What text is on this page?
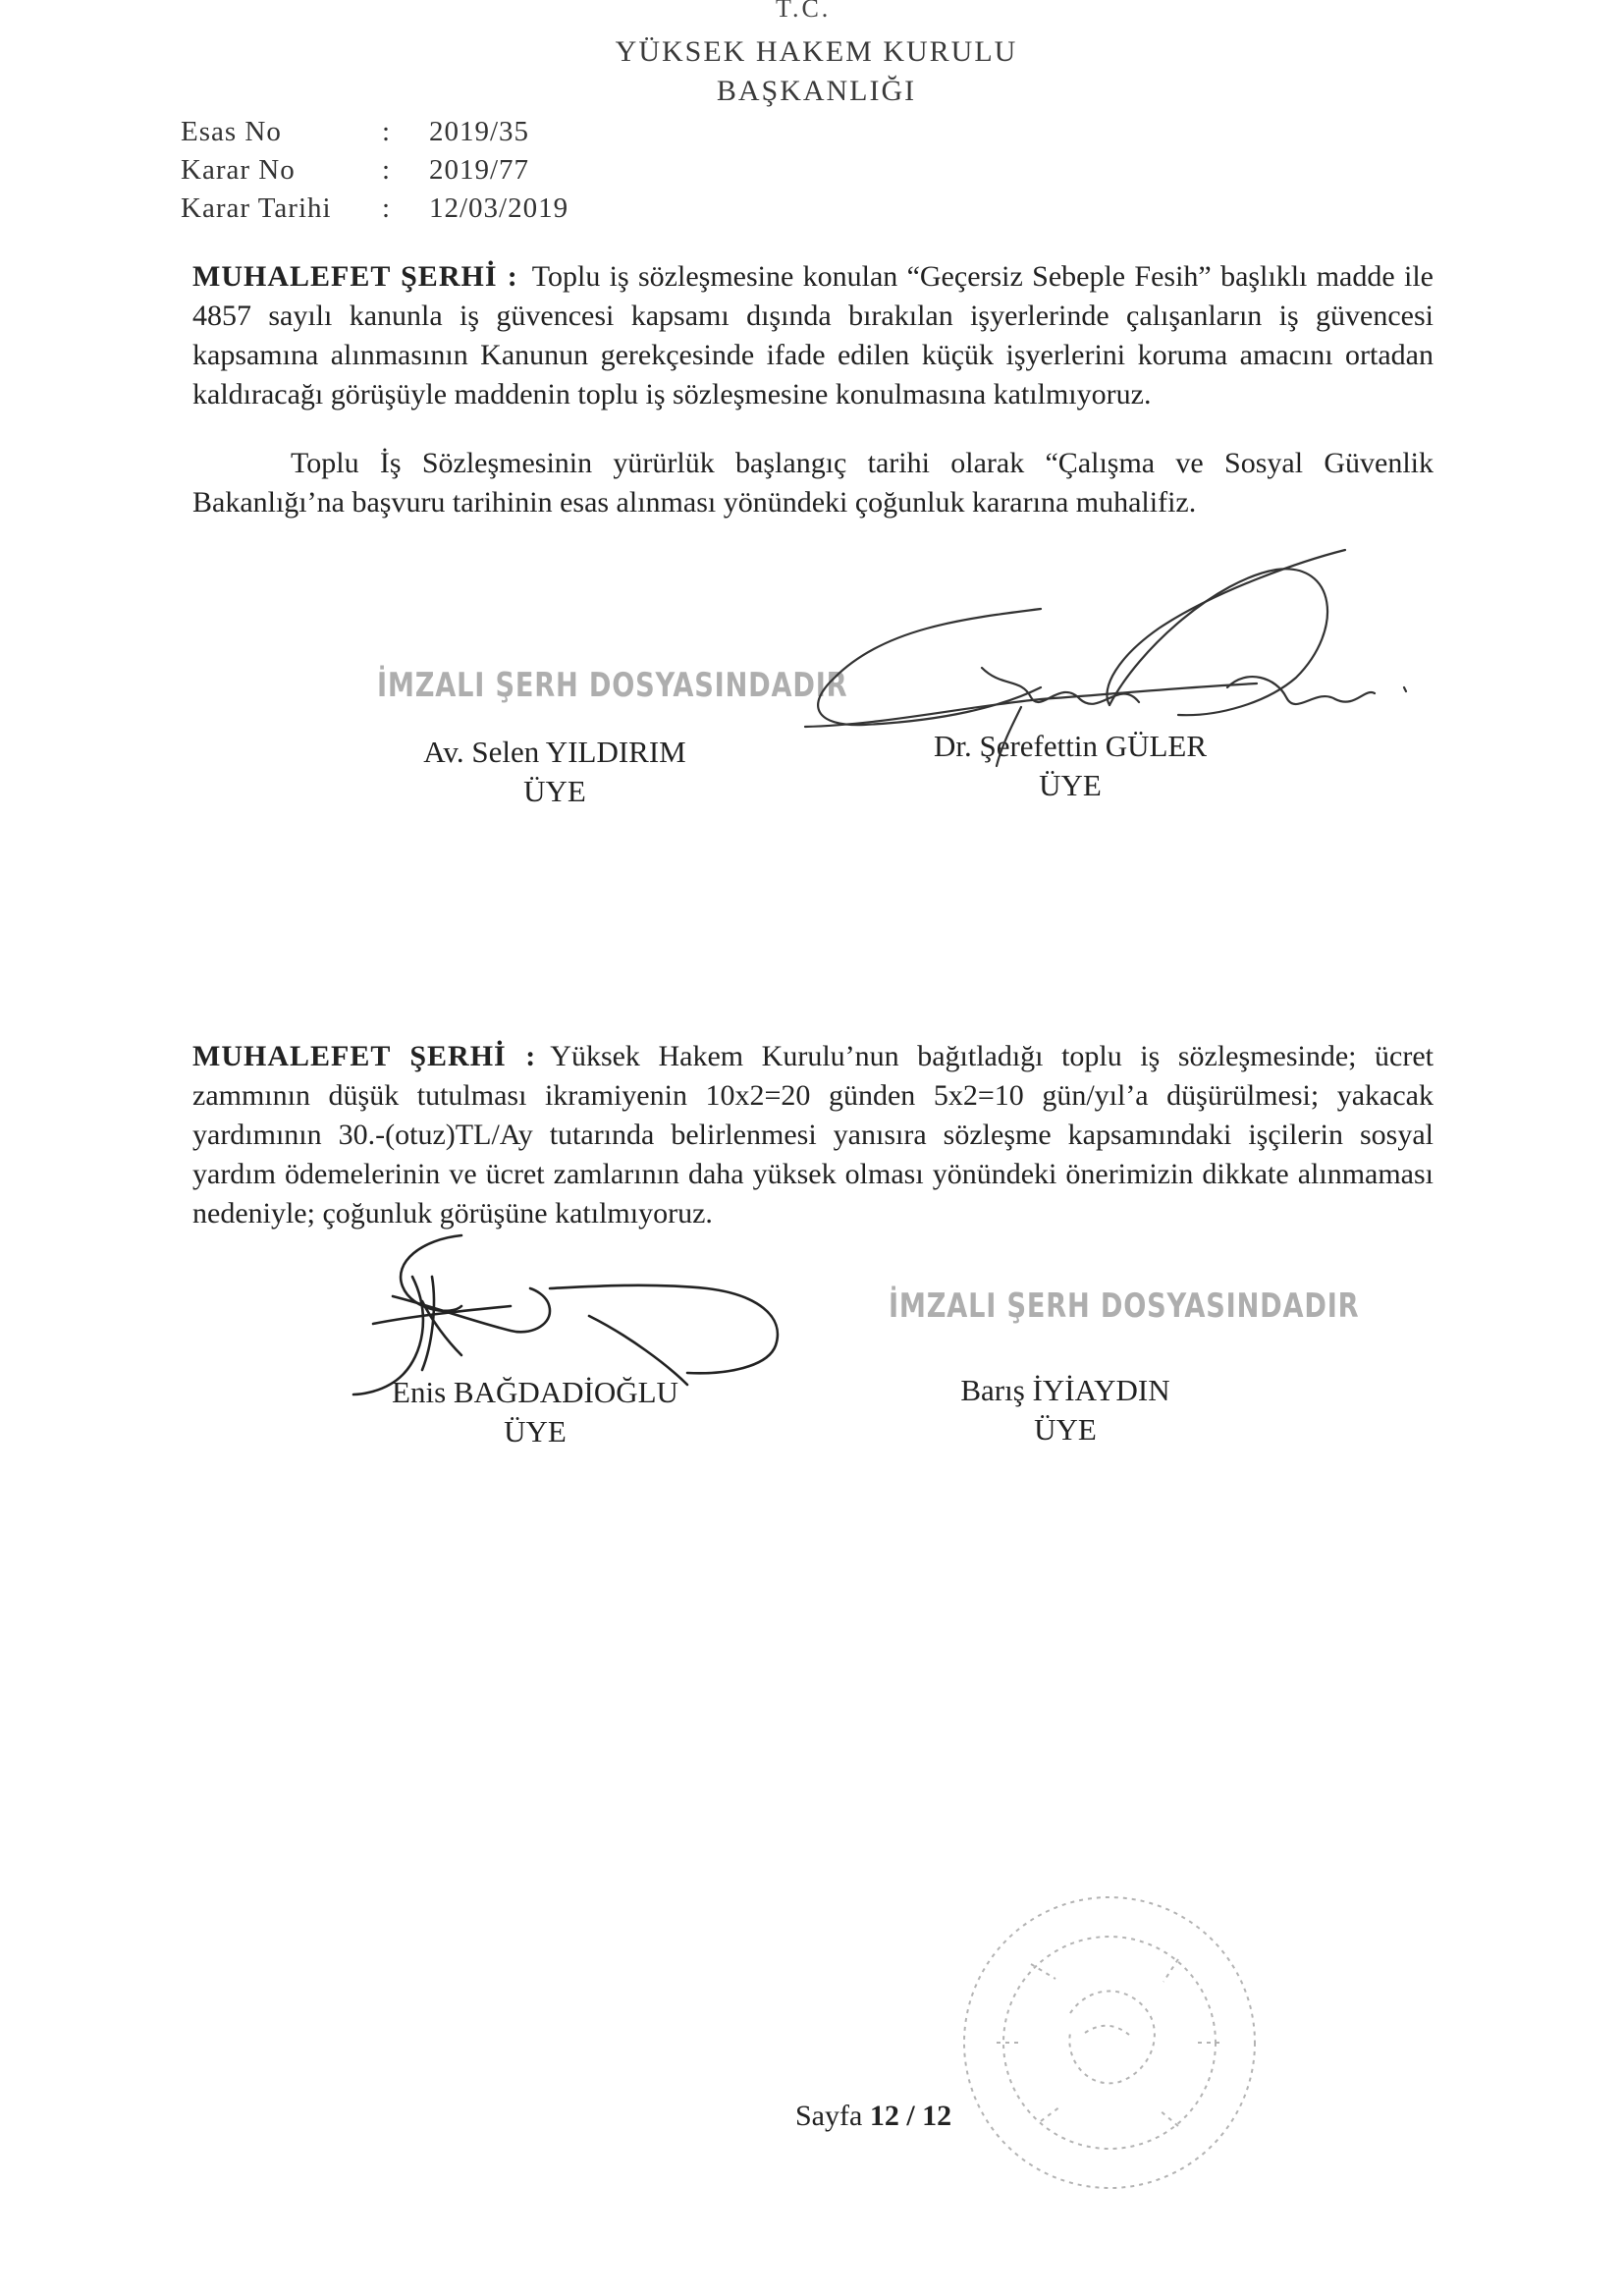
T.C.
YÜKSEK HAKEM KURULU
BAŞKANLIĞI
Esas No	: 2019/35
Karar No	: 2019/77
Karar Tarihi : 12/03/2019
MUHALEFET ŞERHİ : Toplu iş sözleşmesine konulan “Geçersiz Sebeple Fesih” başlıklı madde ile 4857 sayılı kanunla iş güvencesi kapsamı dışında bırakılan işyerlerinde çalışanların iş güvencesi kapsamına alınmasının Kanunun gerekçesinde ifade edilen küçük işyerlerini koruma amacını ortadan kaldıracağı görüşüyle maddenin toplu iş sözleşmesine konulmasına katılmıyoruz.
Toplu İş Sözleşmesinin yürürlük başlangıç tarihi olarak “Çalışma ve Sosyal Güvenlik Bakanlığı’na başvuru tarihinin esas alınması yönündeki çoğunluk kararına muhalifiz.
İMZALI ŞERH DOSYASINDADIR
Av. Selen YILDIRIM
ÜYE
Dr. Şerefettin GÜLER
ÜYE
MUHALEFET ŞERHİ : Yüksek Hakem Kurulu’nun bağıtladığı toplu iş sözleşmesinde; ücret zammının düşük tutulması ikramiyenin 10x2=20 günden 5x2=10 gün/yıl’a düşürülmesi; yakacak yardımının 30.-(otuz)TL/Ay tutarında belirlenmesi yanısıra sözleşme kapsamındaki işçilerin sosyal yardım ödemelerinin ve ücret zamlarının daha yüksek olması yönündeki önerimizin dikkate alınmaması nedeniyle; çoğunluk görüşüne katılmıyoruz.
İMZALI ŞERH DOSYASINDADIR
Enis BAĞDADİOĞLU
ÜYE
Barış İYİAYDIN
ÜYE
Sayfa 12 / 12
